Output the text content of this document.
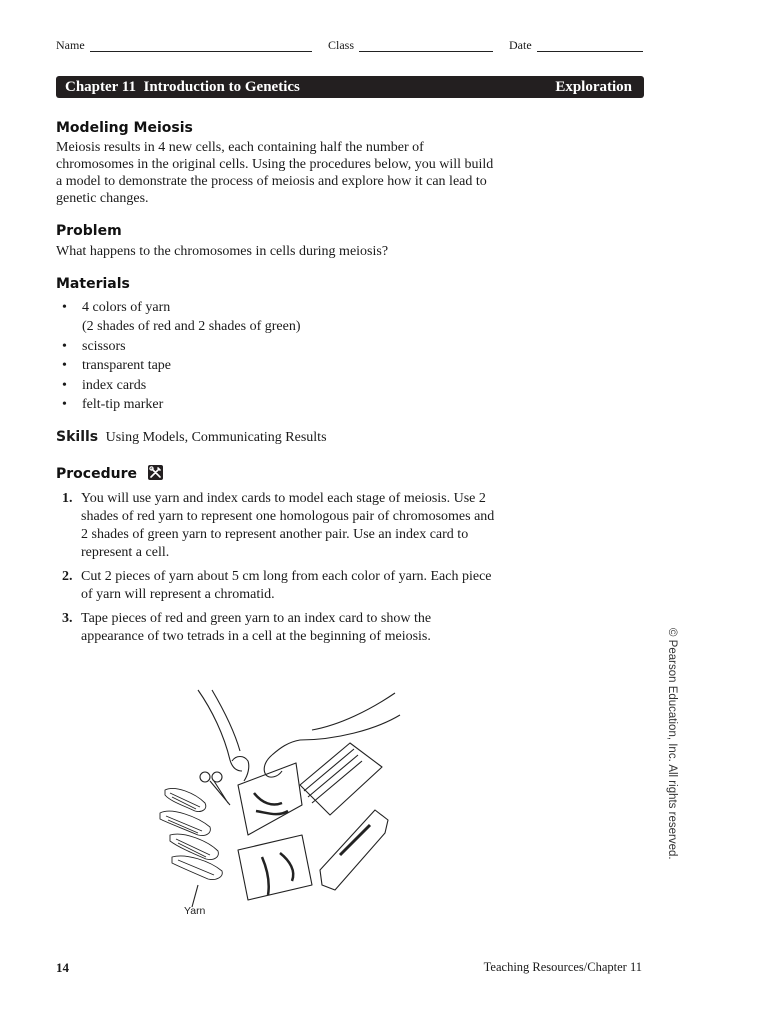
Name	Class	Date
Chapter 11  Introduction to Genetics	Exploration
Modeling Meiosis

Meiosis results in 4 new cells, each containing half the number of chromosomes in the original cells. Using the procedures below, you will build a model to demonstrate the process of meiosis and explore how it can lead to genetic changes.

Problem

What happens to the chromosomes in cells during meiosis?

Materials
• 4 colors of yarn
(2 shades of red and 2 shades of green)
• scissors
• transparent tape
• index cards
• felt-tip marker
Skills Using Models, Communicating Results
Procedure
1. You will use yarn and index cards to model each stage of meiosis. Use 2 shades of red yarn to represent one homologous pair of chromosomes and 2 shades of green yarn to represent another pair. Use an index card to represent a cell.
2. Cut 2 pieces of yarn about 5 cm long from each color of yarn. Each piece of yarn will represent a chromatid.
3. Tape pieces of red and green yarn to an index card to show the appearance of two tetrads in a cell at the beginning of meiosis.
Yarn
© Pearson Education, Inc. All rights reserved.
14	Teaching Resources/Chapter 11
